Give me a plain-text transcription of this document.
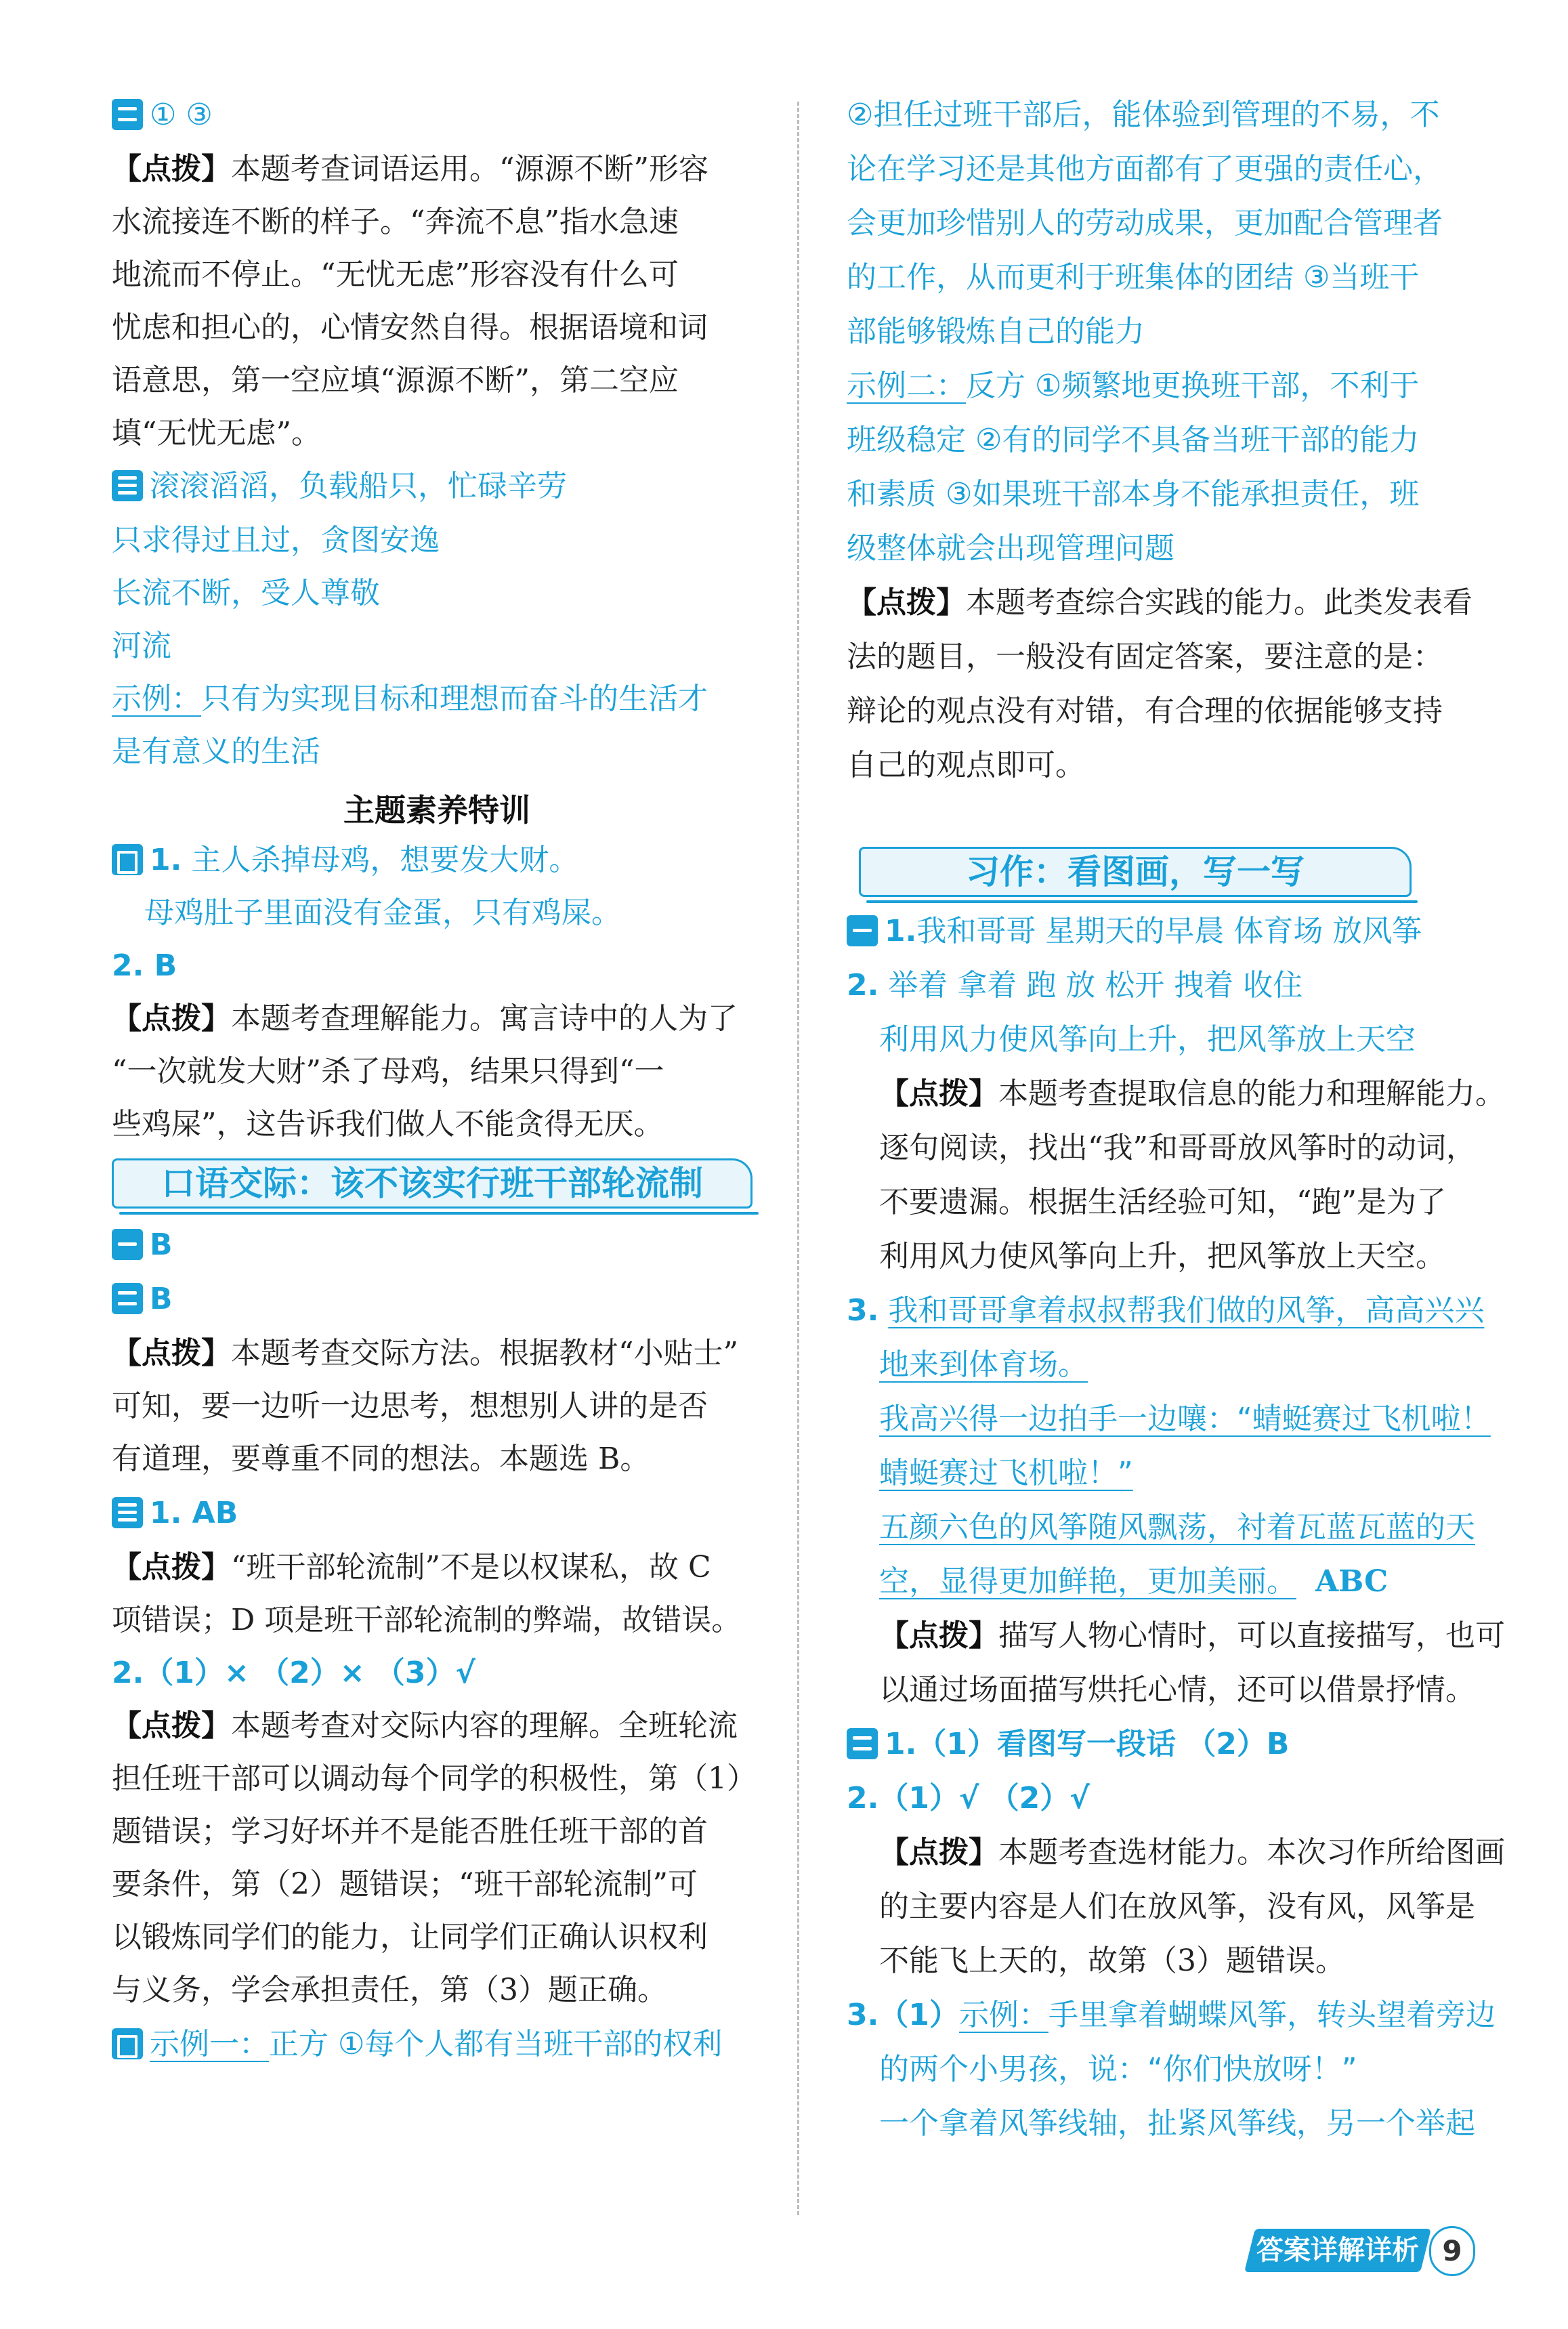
① ③
【点拨】本题考查词语运用。“源源不断”形容
水流接连不断的样子。“奔流不息”指水急速
地流而不停止。“无忧无虑”形容没有什么可
忧虑和担心的，心情安然自得。根据语境和词
语意思，第一空应填“源源不断”，第二空应
填“无忧无虑”。
滚滚滔滔，负载船只，忙碌辛劳
只求得过且过，贪图安逸
长流不断，受人尊敬
河流
示例：只有为实现目标和理想而奋斗的生活才
是有意义的生活
主题素养特训
1. 主人杀掉母鸡，想要发大财。
母鸡肚子里面没有金蛋，只有鸡屎。
2. B
【点拨】本题考查理解能力。寓言诗中的人为了
“一次就发大财”杀了母鸡，结果只得到“一
些鸡屎”，这告诉我们做人不能贪得无厌。
口语交际：该不该实行班干部轮流制
B
B
【点拨】本题考查交际方法。根据教材“小贴士”
可知，要一边听一边思考，想想别人讲的是否
有道理，要尊重不同的想法。本题选 B。
1. AB
【点拨】“班干部轮流制”不是以权谋私，故 C
项错误；D 项是班干部轮流制的弊端，故错误。
2.（1）× （2）× （3）√
【点拨】本题考查对交际内容的理解。全班轮流
担任班干部可以调动每个同学的积极性，第（1）
题错误；学习好坏并不是能否胜任班干部的首
要条件，第（2）题错误；“班干部轮流制”可
以锻炼同学们的能力，让同学们正确认识权利
与义务，学会承担责任，第（3）题正确。
示例一：正方 ①每个人都有当班干部的权利
②担任过班干部后，能体验到管理的不易，不
论在学习还是其他方面都有了更强的责任心，
会更加珍惜别人的劳动成果，更加配合管理者
的工作，从而更利于班集体的团结 ③当班干
部能够锻炼自己的能力
示例二：反方 ①频繁地更换班干部，不利于
班级稳定 ②有的同学不具备当班干部的能力
和素质 ③如果班干部本身不能承担责任，班
级整体就会出现管理问题
【点拨】本题考查综合实践的能力。此类发表看
法的题目，一般没有固定答案，要注意的是：
辩论的观点没有对错，有合理的依据能够支持
自己的观点即可。
习作：看图画，写一写
1.我和哥哥 星期天的早晨 体育场 放风筝
2. 举着 拿着 跑 放 松开 拽着 收住
利用风力使风筝向上升，把风筝放上天空
【点拨】本题考查提取信息的能力和理解能力。
逐句阅读，找出“我”和哥哥放风筝时的动词，
不要遗漏。根据生活经验可知，“跑”是为了
利用风力使风筝向上升，把风筝放上天空。
3. 我和哥哥拿着叔叔帮我们做的风筝，高高兴兴
地来到体育场。
我高兴得一边拍手一边嚷：“蜻蜓赛过飞机啦！
蜻蜓赛过飞机啦！”
五颜六色的风筝随风飘荡，衬着瓦蓝瓦蓝的天
空，显得更加鲜艳，更加美丽。 ABC
【点拨】描写人物心情时，可以直接描写，也可
以通过场面描写烘托心情，还可以借景抒情。
1.（1）看图写一段话 （2）B
2.（1）√ （2）√
【点拨】本题考查选材能力。本次习作所给图画
的主要内容是人们在放风筝，没有风，风筝是
不能飞上天的，故第（3）题错误。
3.（1）示例：手里拿着蝴蝶风筝，转头望着旁边
的两个小男孩，说：“你们快放呀！”
一个拿着风筝线轴，扯紧风筝线，另一个举起
答案详解详析 9
